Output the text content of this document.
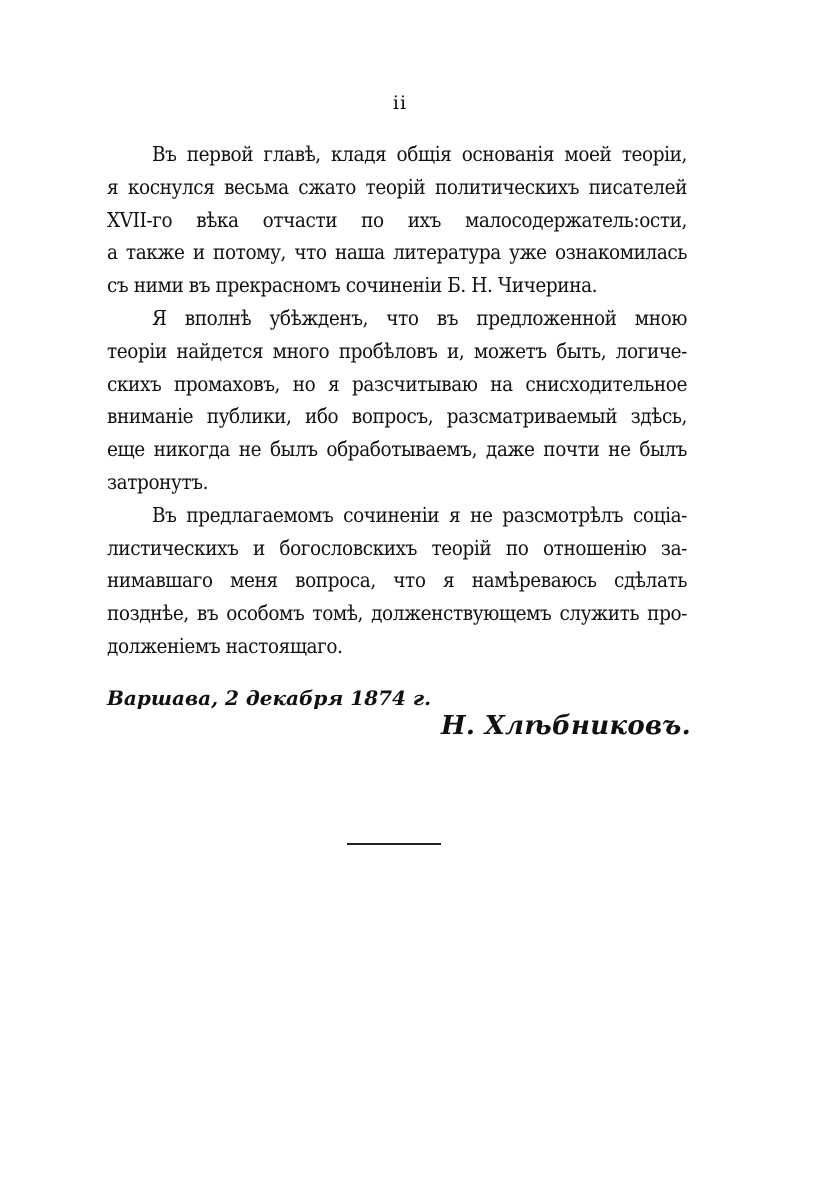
ii
Въ первой главѣ, кладя общія основанія моей теоріи,
я коснулся весьма сжато теорій политическихъ писателей
XVII-го вѣка отчасти по ихъ малосодержатель:ости,
а также и потому, что наша литература уже ознакомилась
съ ними въ прекрасномъ сочиненіи Б. Н. Чичерина.
Я вполнѣ убѣжденъ, что въ предложенной мною
теоріи найдется много пробѣловъ и, можетъ быть, логиче-
скихъ промаховъ, но я разсчитываю на снисходительное
вниманіе публики, ибо вопросъ, разсматриваемый здѣсь,
еще никогда не былъ обработываемъ, даже почти не былъ
затронутъ.
Въ предлагаемомъ сочиненіи я не разсмотрѣлъ соціа-
листическихъ и богословскихъ теорій по отношенію за-
нимавшаго меня вопроса, что я намѣреваюсь сдѣлать
позднѣе, въ особомъ томѣ, долженствующемъ служить про-
долженіемъ настоящаго.
Варшава, 2 декабря 1874 г.
Н. Хлѣбниковъ.
